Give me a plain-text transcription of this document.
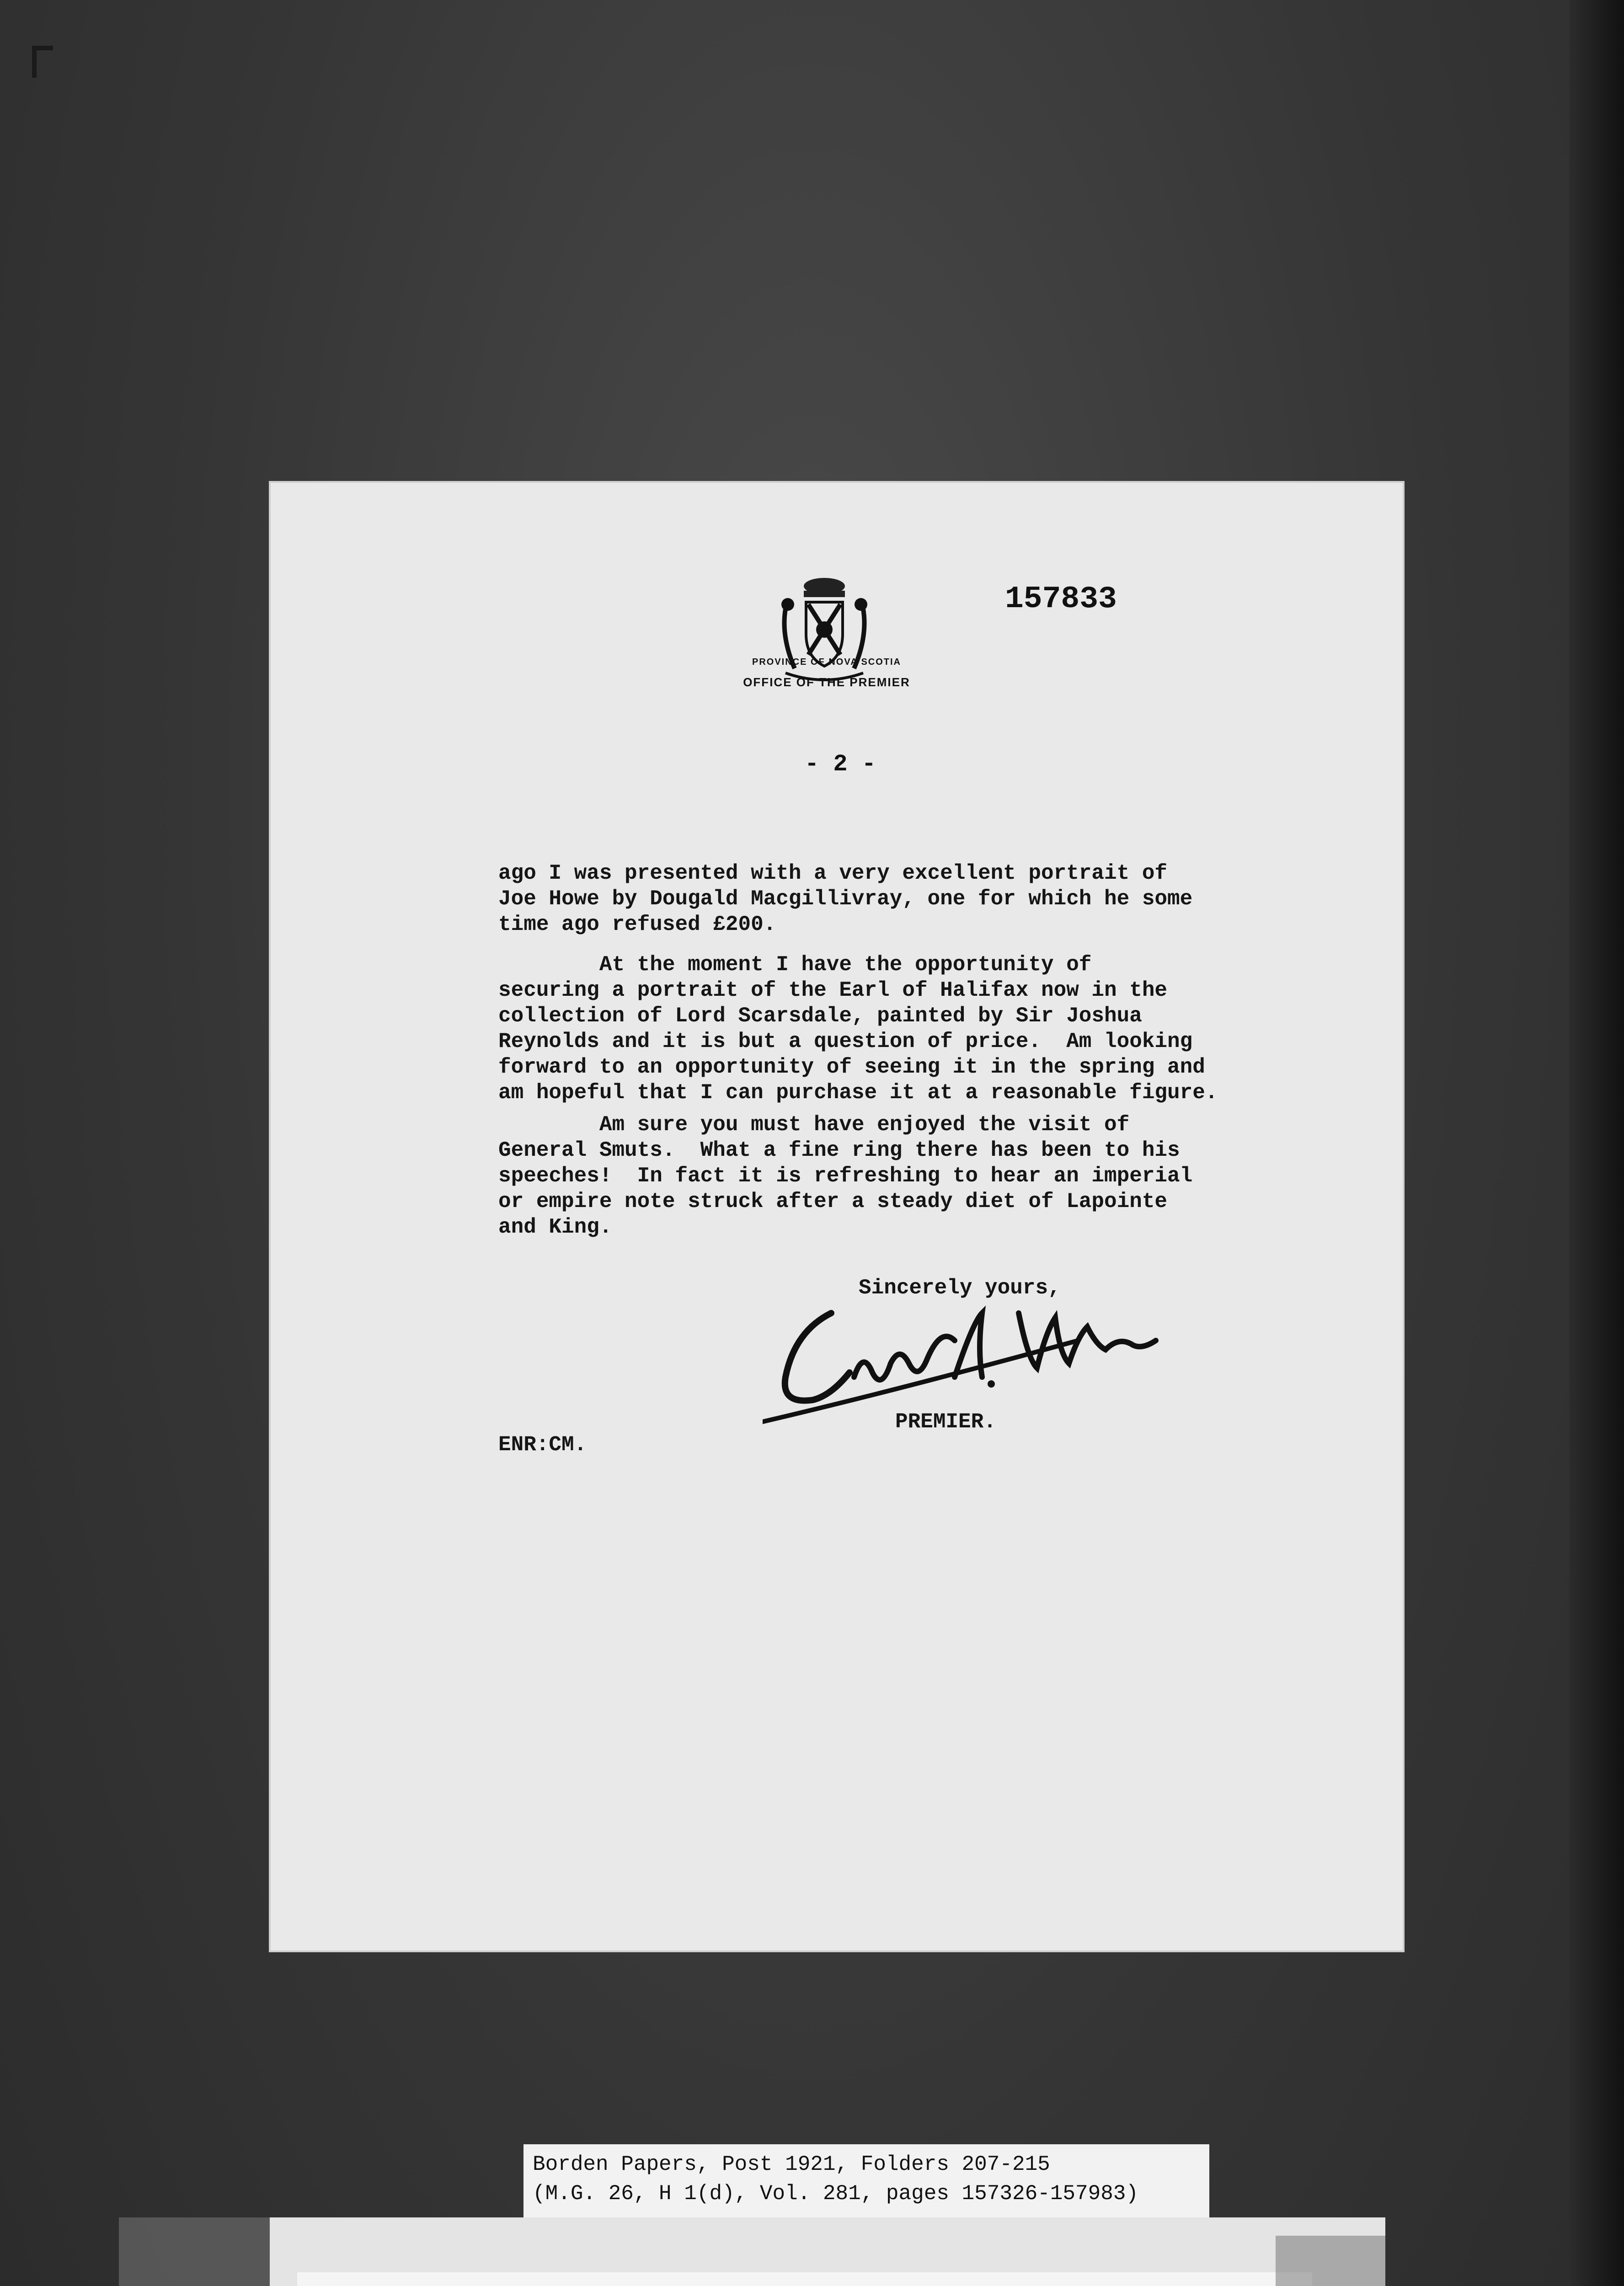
PROVINCE OF NOVA SCOTIA
OFFICE OF THE PREMIER
157833
- 2 -
ago I was presented with a very excellent portrait of
Joe Howe by Dougald Macgillivray, one for which he some
time ago refused £200.
At the moment I have the opportunity of
securing a portrait of the Earl of Halifax now in the
collection of Lord Scarsdale, painted by Sir Joshua
Reynolds and it is but a question of price.  Am looking
forward to an opportunity of seeing it in the spring and
am hopeful that I can purchase it at a reasonable figure.
Am sure you must have enjoyed the visit of
General Smuts.  What a fine ring there has been to his
speeches!  In fact it is refreshing to hear an imperial
or empire note struck after a steady diet of Lapointe
and King.
Sincerely yours,
PREMIER.
ENR:CM.
Borden Papers, Post 1921, Folders 207-215
(M.G. 26, H 1(d), Vol. 281, pages 157326-157983)
